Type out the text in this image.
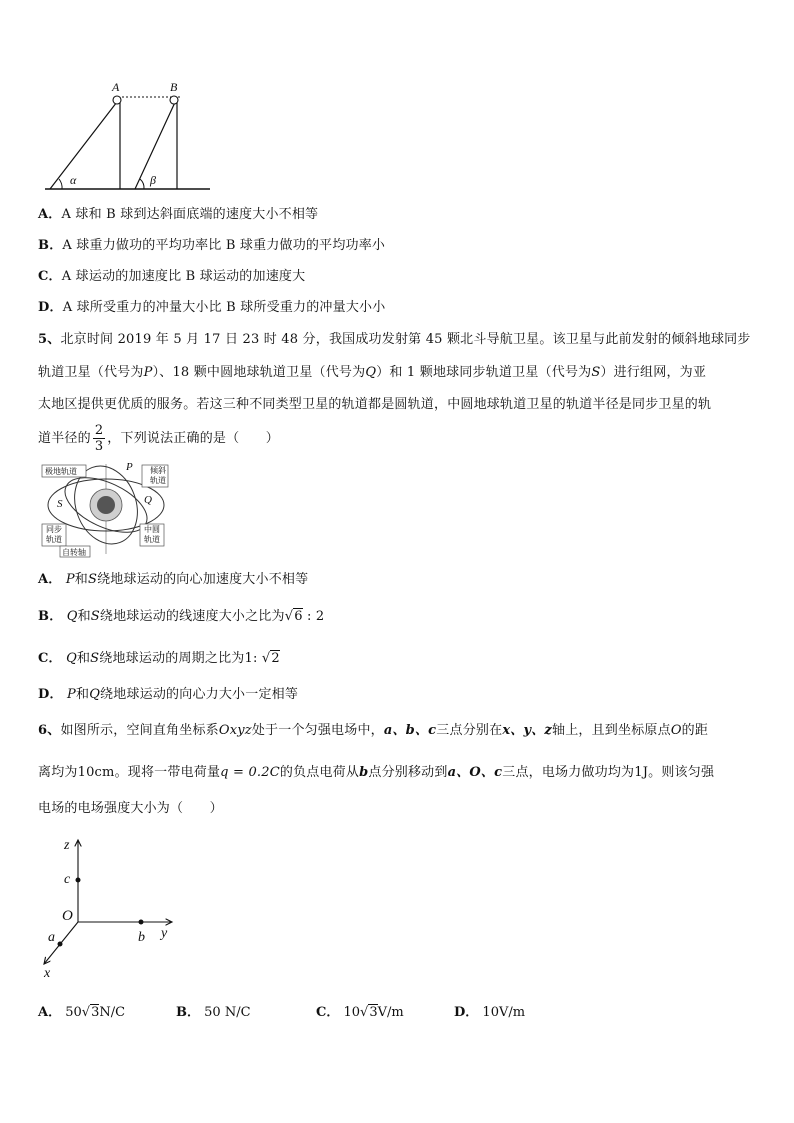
A	B
α	β
A．A 球和 B 球到达斜面底端的速度大小不相等
B．A 球重力做功的平均功率比 B 球重力做功的平均功率小
C．A 球运动的加速度比 B 球运动的加速度大
D．A 球所受重力的冲量大小比 B 球所受重力的冲量大小小
5、北京时间 2019 年 5 月 17 日 23 时 48 分，我国成功发射第 45 颗北斗导航卫星。该卫星与此前发射的倾斜地球同步
轨道卫星（代号为P）、18 颗中圆地球轨道卫星（代号为Q）和 1 颗地球同步轨道卫星（代号为S）进行组网，为亚
太地区提供更优质的服务。若这三种不同类型卫星的轨道都是圆轨道，中圆地球轨道卫星的轨道半径是同步卫星的轨
道半径的 $\frac{2}{3}$ ，下列说法正确的是（　　）
极地轨道	P	倾斜
轨道
S	Q
同步
轨道
中圆
轨道
自转轴
A． P和S绕地球运动的向心加速度大小不相等
B． Q和S绕地球运动的线速度大小之比为√6 : 2
C． Q和S绕地球运动的周期之比为1: √2
D． P和Q绕地球运动的向心力大小一定相等
6、如图所示，空间直角坐标系Oxyz处于一个匀强电场中，a、b、c三点分别在x、y、z轴上，且到坐标原点O的距
离均为10cm。现将一带电荷量q = 0.2C的负点电荷从b点分别移动到a、O、c三点，电场力做功均为1J。则该匀强
电场的电场强度大小为（　　）
z
c
O
a	b y
x
A． 50√3N/C	B． 50 N/C	C． 10√3V/m	D． 10V/m
